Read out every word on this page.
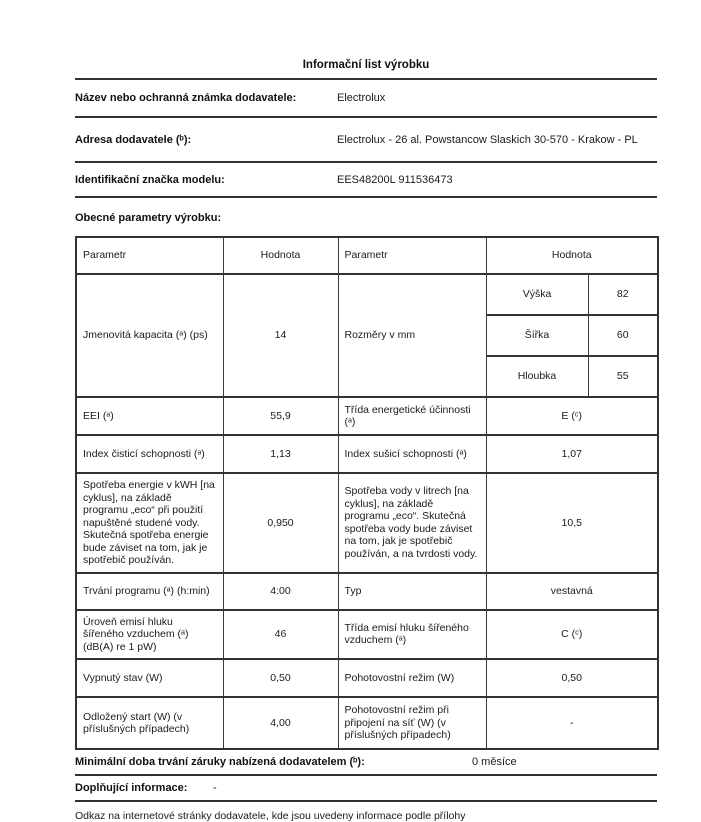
Informační list výrobku
Název nebo ochranná známka dodavatele:	Electrolux
Adresa dodavatele (ᵇ):	Electrolux - 26 al. Powstancow Slaskich 30-570 - Krakow - PL
Identifikační značka modelu:	EES48200L 911536473
Obecné parametry výrobku:
Parametr	Hodnota	Parametr	Hodnota
Jmenovitá kapacita (ᵃ) (ps)	14	Rozměry v mm	
Výška	82
Šířka	60
Hloubka	55

EEI (ᵃ)	55,9	Třída energetické účinnosti (ᵃ)	E (ᶜ)
Index čisticí schopnosti (ᵃ)	1,13	Index sušicí schopnosti (ᵃ)	1,07
Spotřeba energie v kWH [na cyklus], na základě programu „eco“ při použití napuštěné studené vody. Skutečná spotřeba energie bude záviset na tom, jak je spotřebič používán.	0,950	Spotřeba vody v litrech [na cyklus], na základě programu „eco“. Skutečná spotřeba vody bude záviset na tom, jak je spotřebič používán, a na tvrdosti vody.	10,5
Trvání programu (ᵃ) (h:min)	4:00	Typ	vestavná
Úroveň emisí hluku šířeného vzduchem (ᵃ) (dB(A) re 1 pW)	46	Třída emisí hluku šířeného vzduchem (ᵃ)	C (ᶜ)
Vypnutý stav (W)	0,50	Pohotovostní režim (W)	0,50
Odložený start (W) (v příslušných případech)	4,00	Pohotovostní režim při připojení na síť (W) (v příslušných případech)	-
Minimální doba trvání záruky nabízená dodavatelem (ᵇ):	0 měsíce
Doplňující informace: -
Odkaz na internetové stránky dodavatele, kde jsou uvedeny informace podle přílohy
